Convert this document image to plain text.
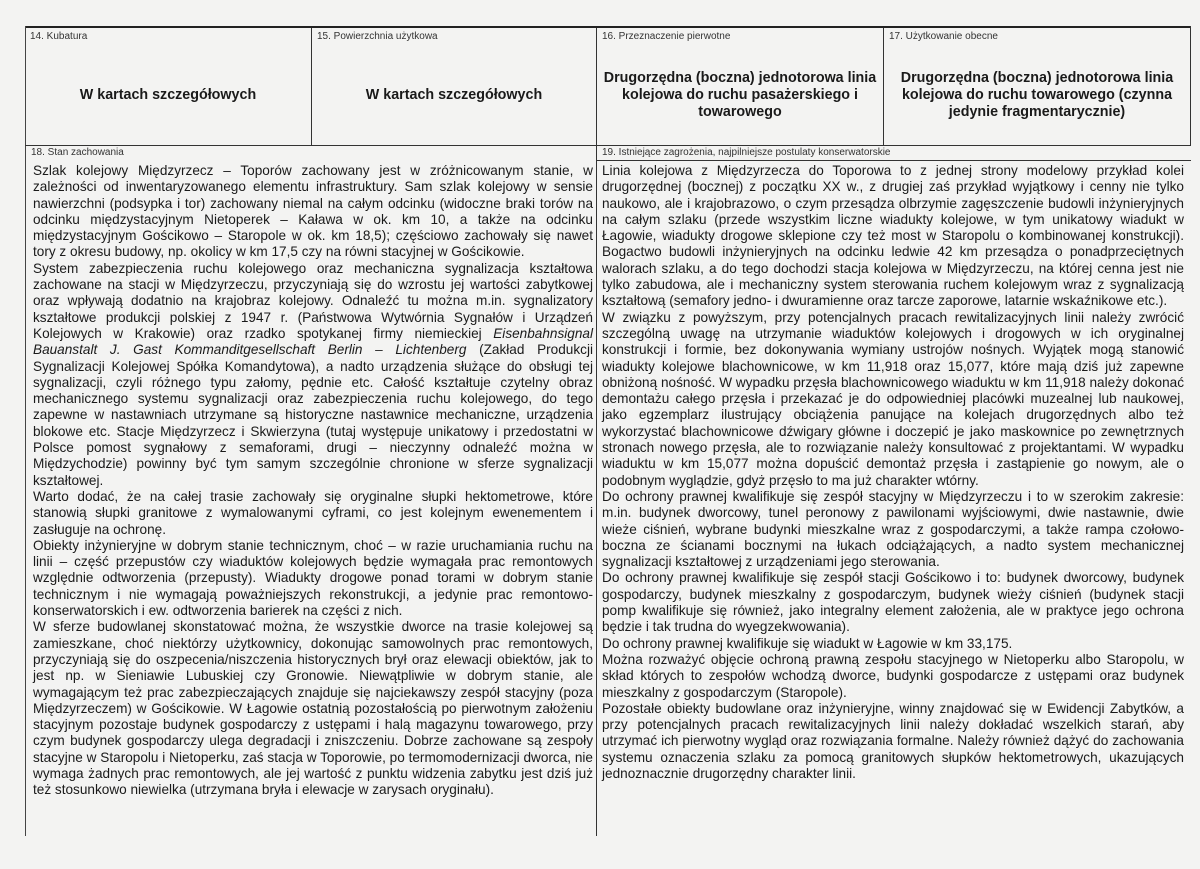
14. Kubatura
W kartach szczegółowych
15. Powierzchnia użytkowa
W kartach szczegółowych
16. Przeznaczenie pierwotne
Drugorzędna (boczna) jednotorowa linia kolejowa do ruchu pasażerskiego i towarowego
17. Użytkowanie obecne
Drugorzędna (boczna) jednotorowa linia kolejowa do ruchu towarowego (czynna jedynie fragmentarycznie)
18. Stan zachowania	19. Istniejące zagrożenia, najpilniejsze postulaty konserwatorskie

Szlak kolejowy Międzyrzecz – Toporów zachowany jest w zróżnicowanym stanie, w zależności od inwentaryzowanego elementu infrastruktury. Sam szlak kolejowy w sensie nawierzchni (podsypka i tor) zachowany niemal na całym odcinku (widoczne braki torów na odcinku międzystacyjnym Nietoperek – Kaława w ok. km 10, a także na odcinku międzystacyjnym Gościkowo – Staropole w ok. km 18,5); częściowo zachowały się nawet tory z okresu budowy, np. okolicy w km 17,5 czy na równi stacyjnej w Gościkowie.

System zabezpieczenia ruchu kolejowego oraz mechaniczna sygnalizacja kształtowa zachowane na stacji w Międzyrzeczu, przyczyniają się do wzrostu jej wartości zabytkowej oraz wpływają dodatnio na krajobraz kolejowy. Odnaleźć tu można m.in. sygnalizatory kształtowe produkcji polskiej z 1947 r. (Państwowa Wytwórnia Sygnałów i Urządzeń Kolejowych w Krakowie) oraz rzadko spotykanej firmy niemieckiej Eisenbahnsignal Bauanstalt J. Gast Kommanditgesellschaft Berlin – Lichtenberg (Zakład Produkcji Sygnalizacji Kolejowej Spółka Komandytowa), a nadto urządzenia służące do obsługi tej sygnalizacji, czyli różnego typu załomy, pędnie etc. Całość kształtuje czytelny obraz mechanicznego systemu sygnalizacji oraz zabezpieczenia ruchu kolejowego, do tego zapewne w nastawniach utrzymane są historyczne nastawnice mechaniczne, urządzenia blokowe etc. Stacje Międzyrzecz i Skwierzyna (tutaj występuje unikatowy i przedostatni w Polsce pomost sygnałowy z semaforami, drugi – nieczynny odnaleźć można w Międzychodzie) powinny być tym samym szczególnie chronione w sferze sygnalizacji kształtowej.

Warto dodać, że na całej trasie zachowały się oryginalne słupki hektometrowe, które stanowią słupki granitowe z wymalowanymi cyframi, co jest kolejnym ewenementem i zasługuje na ochronę.

Obiekty inżynieryjne w dobrym stanie technicznym, choć – w razie uruchamiania ruchu na linii – część przepustów czy wiaduktów kolejowych będzie wymagała prac remontowych względnie odtworzenia (przepusty). Wiadukty drogowe ponad torami w dobrym stanie technicznym i nie wymagają poważniejszych rekonstrukcji, a jedynie prac remontowo-konserwatorskich i ew. odtworzenia barierek na części z nich.

W sferze budowlanej skonstatować można, że wszystkie dworce na trasie kolejowej są zamieszkane, choć niektórzy użytkownicy, dokonując samowolnych prac remontowych, przyczyniają się do oszpecenia/niszczenia historycznych brył oraz elewacji obiektów, jak to jest np. w Sieniawie Lubuskiej czy Gronowie. Niewątpliwie w dobrym stanie, ale wymagającym też prac zabezpieczających znajduje się najciekawszy zespół stacyjny (poza Międzyrzeczem) w Gościkowie. W Łagowie ostatnią pozostałością po pierwotnym założeniu stacyjnym pozostaje budynek gospodarczy z ustępami i halą magazynu towarowego, przy czym budynek gospodarczy ulega degradacji i zniszczeniu. Dobrze zachowane są zespoły stacyjne w Staropolu i Nietoperku, zaś stacja w Toporowie, po termomodernizacji dworca, nie wymaga żadnych prac remontowych, ale jej wartość z punktu widzenia zabytku jest dziś już też stosunkowo niewielka (utrzymana bryła i elewacje w zarysach oryginału).

Linia kolejowa z Międzyrzecza do Toporowa to z jednej strony modelowy przykład kolei drugorzędnej (bocznej) z początku XX w., z drugiej zaś przykład wyjątkowy i cenny nie tylko naukowo, ale i krajobrazowo, o czym przesądza olbrzymie zagęszczenie budowli inżynieryjnych na całym szlaku (przede wszystkim liczne wiadukty kolejowe, w tym unikatowy wiadukt w Łagowie, wiadukty drogowe sklepione czy też most w Staropolu o kombinowanej konstrukcji). Bogactwo budowli inżynieryjnych na odcinku ledwie 42 km przesądza o ponadprzeciętnych walorach szlaku, a do tego dochodzi stacja kolejowa w Międzyrzeczu, na której cenna jest nie tylko zabudowa, ale i mechaniczny system sterowania ruchem kolejowym wraz z sygnalizacją kształtową (semafory jedno- i dwuramienne oraz tarcze zaporowe, latarnie wskaźnikowe etc.).

W związku z powyższym, przy potencjalnych pracach rewitalizacyjnych linii należy zwrócić szczególną uwagę na utrzymanie wiaduktów kolejowych i drogowych w ich oryginalnej konstrukcji i formie, bez dokonywania wymiany ustrojów nośnych. Wyjątek mogą stanowić wiadukty kolejowe blachownicowe, w km 11,918 oraz 15,077, które mają dziś już zapewne obniżoną nośność. W wypadku przęsła blachownicowego wiaduktu w km 11,918 należy dokonać demontażu całego przęsła i przekazać je do odpowiedniej placówki muzealnej lub naukowej, jako egzemplarz ilustrujący obciążenia panujące na kolejach drugorzędnych albo też wykorzystać blachownicowe dźwigary główne i doczepić je jako maskownice po zewnętrznych stronach nowego przęsła, ale to rozwiązanie należy konsultować z projektantami. W wypadku wiaduktu w km 15,077 można dopuścić demontaż przęsła i zastąpienie go nowym, ale o podobnym wyglądzie, gdyż przęsło to ma już charakter wtórny.

Do ochrony prawnej kwalifikuje się zespół stacyjny w Międzyrzeczu i to w szerokim zakresie: m.in. budynek dworcowy, tunel peronowy z pawilonami wyjściowymi, dwie nastawnie, dwie wieże ciśnień, wybrane budynki mieszkalne wraz z gospodarczymi, a także rampa czołowo-boczna ze ścianami bocznymi na łukach odciążających, a nadto system mechanicznej sygnalizacji kształtowej z urządzeniami jego sterowania.

Do ochrony prawnej kwalifikuje się zespół stacji Gościkowo i to: budynek dworcowy, budynek gospodarczy, budynek mieszkalny z gospodarczym, budynek wieży ciśnień (budynek stacji pomp kwalifikuje się również, jako integralny element założenia, ale w praktyce jego ochrona będzie i tak trudna do wyegzekwowania).

Do ochrony prawnej kwalifikuje się wiadukt w Łagowie w km 33,175.

Można rozważyć objęcie ochroną prawną zespołu stacyjnego w Nietoperku albo Staropolu, w skład których to zespołów wchodzą dworce, budynki gospodarcze z ustępami oraz budynek mieszkalny z gospodarczym (Staropole).

Pozostałe obiekty budowlane oraz inżynieryjne, winny znajdować się w Ewidencji Zabytków, a przy potencjalnych pracach rewitalizacyjnych linii należy dokładać wszelkich starań, aby utrzymać ich pierwotny wygląd oraz rozwiązania formalne. Należy również dążyć do zachowania systemu oznaczenia szlaku za pomocą granitowych słupków hektometrowych, ukazujących jednoznacznie drugorzędny charakter linii.
